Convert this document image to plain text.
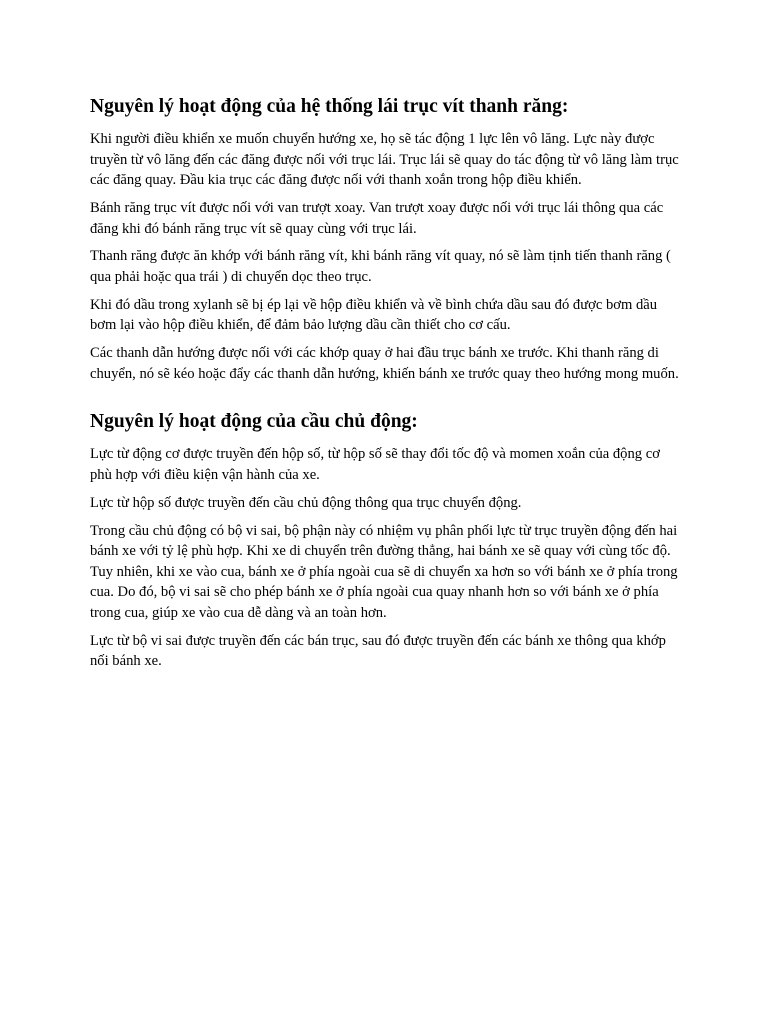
Nguyên lý hoạt động của hệ thống lái trục vít thanh răng:

Khi người điều khiển xe muốn chuyển hướng xe, họ sẽ tác động 1 lực lên vô lăng. Lực này được truyền từ vô lăng đến các đăng được nối với trục lái. Trục lái sẽ quay do tác động từ vô lăng làm trục các đăng quay. Đầu kia trục các đăng được nối với thanh xoắn trong hộp điều khiển.

Bánh răng trục vít được nối với van trượt xoay. Van trượt xoay được nối với trục lái thông qua các đăng khi đó bánh răng trục vít sẽ quay cùng với trục lái.

Thanh răng được ăn khớp với bánh răng vít, khi bánh răng vít quay, nó sẽ làm tịnh tiến thanh răng ( qua phải hoặc qua trái ) di chuyển dọc theo trục.

Khi đó dầu trong xylanh sẽ bị ép lại về hộp điều khiển và về bình chứa dầu sau đó được bơm dầu bơm lại vào hộp điều khiển, để đảm bảo lượng dầu cần thiết cho cơ cấu.

Các thanh dẫn hướng được nối với các khớp quay ở hai đầu trục bánh xe trước. Khi thanh răng di chuyển, nó sẽ kéo hoặc đẩy các thanh dẫn hướng, khiến bánh xe trước quay theo hướng mong muốn.

Nguyên lý hoạt động của cầu chủ động:

Lực từ động cơ được truyền đến hộp số, từ hộp số sẽ thay đổi tốc độ và momen xoắn của động cơ phù hợp với điều kiện vận hành của xe.

Lực từ hộp số được truyền đến cầu chủ động thông qua trục chuyển động.

Trong cầu chủ động có bộ vi sai, bộ phận này có nhiệm vụ phân phối lực từ trục truyền động đến hai bánh xe với tỷ lệ phù hợp. Khi xe di chuyển trên đường thẳng, hai bánh xe sẽ quay với cùng tốc độ. Tuy nhiên, khi xe vào cua, bánh xe ở phía ngoài cua sẽ di chuyển xa hơn so với bánh xe ở phía trong cua. Do đó, bộ vi sai sẽ cho phép bánh xe ở phía ngoài cua quay nhanh hơn so với bánh xe ở phía trong cua, giúp xe vào cua dễ dàng và an toàn hơn.

Lực từ bộ vi sai được truyền đến các bán trục, sau đó được truyền đến các bánh xe thông qua khớp nối bánh xe.
